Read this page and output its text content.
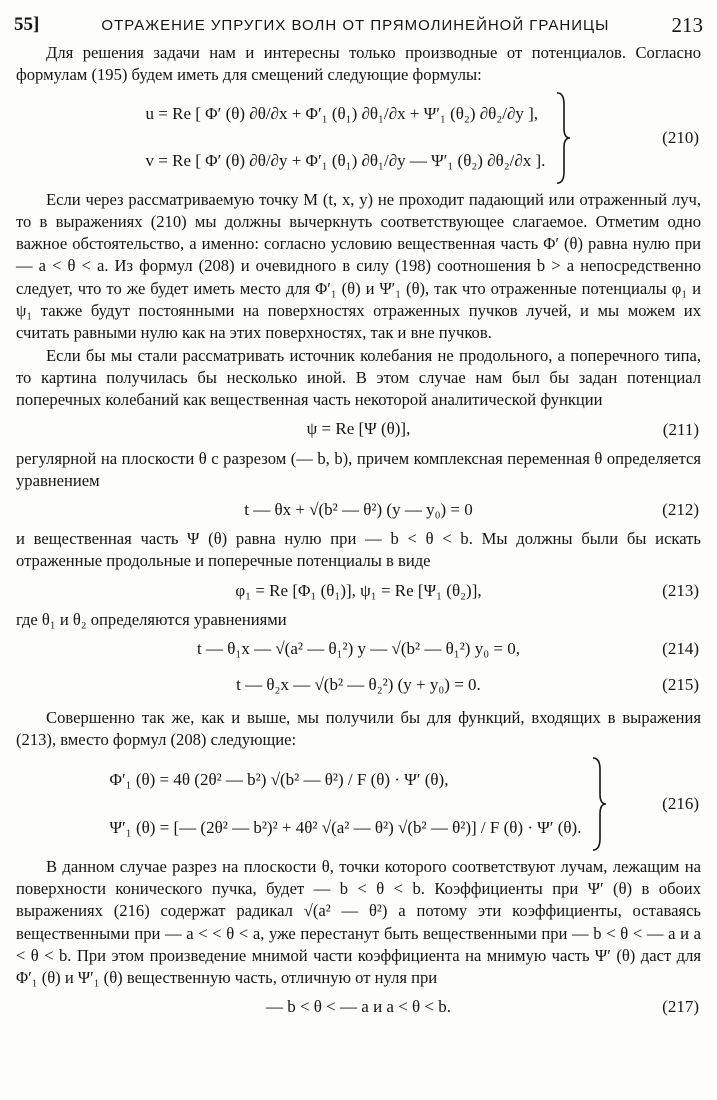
55]	ОТРАЖЕНИЕ УПРУГИХ ВОЛН ОТ ПРЯМОЛИНЕЙНОЙ ГРАНИЦЫ	213

Для решения задачи нам и интересны только производные от потенциалов. Согласно формулам (195) будем иметь для смещений следующие формулы:

u = Re [ Φ′ (θ) ∂θ/∂x + Φ′₁ (θ₁) ∂θ₁/∂x + Ψ′₁ (θ₂) ∂θ₂/∂y ],
v = Re [ Φ′ (θ) ∂θ/∂y + Φ′₁ (θ₁) ∂θ₁/∂y — Ψ′₁ (θ₂) ∂θ₂/∂x ].
(210)

Если через рассматриваемую точку M (t, x, y) не проходит падающий или отраженный луч, то в выражениях (210) мы должны вычеркнуть соответствующее слагаемое. Отметим одно важное обстоятельство, а именно: согласно условию вещественная часть Φ′ (θ) равна нулю при — a < θ < a. Из формул (208) и очевидного в силу (198) соотношения b > a непосредственно следует, что то же будет иметь место для Φ′₁ (θ) и Ψ′₁ (θ), так что отраженные потенциалы φ₁ и ψ₁ также будут постоянными на поверхностях отраженных пучков лучей, и мы можем их считать равными нулю как на этих поверхностях, так и вне пучков.

Если бы мы стали рассматривать источник колебания не продольного, а поперечного типа, то картина получилась бы несколько иной. В этом случае нам был бы задан потенциал поперечных колебаний как вещественная часть некоторой аналитической функции

ψ = Re [Ψ (θ)],	(211)

регулярной на плоскости θ с разрезом (— b, b), причем комплексная переменная θ определяется уравнением

t — θx + √(b² — θ²) (y — y₀) = 0	(212)

и вещественная часть Ψ (θ) равна нулю при — b < θ < b. Мы должны были бы искать отраженные продольные и поперечные потенциалы в виде

φ₁ = Re [Φ₁ (θ₁)], ψ₁ = Re [Ψ₁ (θ₂)],	(213)

где θ₁ и θ₂ определяются уравнениями

t — θ₁x — √(a² — θ₁²) y — √(b² — θ₁²) y₀ = 0,	(214)
t — θ₂x — √(b² — θ₂²) (y + y₀) = 0.	(215)

Совершенно так же, как и выше, мы получили бы для функций, входящих в выражения (213), вместо формул (208) следующие:

Φ′₁ (θ) = 4θ (2θ² — b²) √(b² — θ²) / F (θ) · Ψ′ (θ),
Ψ′₁ (θ) = [— (2θ² — b²)² + 4θ² √(a² — θ²) √(b² — θ²)] / F (θ) · Ψ′ (θ).
(216)

В данном случае разрез на плоскости θ, точки которого соответствуют лучам, лежащим на поверхности конического пучка, будет — b < θ < b. Коэффициенты при Ψ′ (θ) в обоих выражениях (216) содержат радикал √(a² — θ²) а потому эти коэффициенты, оставаясь вещественными при — a < < θ < a, уже перестанут быть вещественными при — b < θ < — a и a < θ < b. При этом произведение мнимой части коэффициента на мнимую часть Ψ′ (θ) даст для Φ′₁ (θ) и Ψ′₁ (θ) вещественную часть, отличную от нуля при

— b < θ < — a и a < θ < b.	(217)
